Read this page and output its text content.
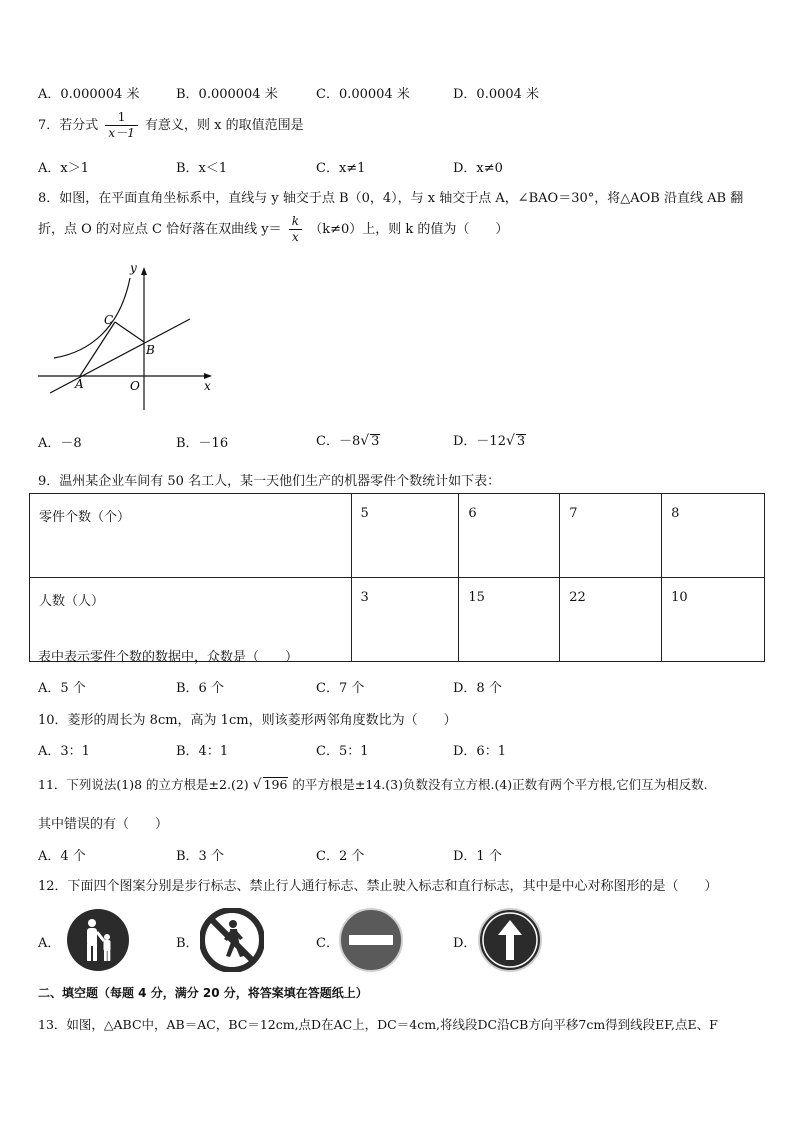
A．0.000004 米	B．0.000004 米	C．0.00004 米	D．0.0004 米
7．若分式 $\frac{1}{x-1}$ 有意义，则 x 的取值范围是
A．x＞1	B．x＜1	C．x≠1	D．x≠0
8．如图，在平面直角坐标系中，直线与 y 轴交于点 B（0，4），与 x 轴交于点 A，∠BAO＝30°，将△AOB 沿直线 AB 翻
折，点 O 的对应点 C 恰好落在双曲线 $y= \frac{k}{x} (k\ne 0)$上，则 k 的值为（　　）
y
x
C
B
A	O
A．－8	B．－16	C．－8√ 3	D．－12√ 3
9．温州某企业车间有 50 名工人，某一天他们生产的机器零件个数统计如下表：
零件个数（个）	5	6	7	8
人数（人）	3	15	22	10
表中表示零件个数的数据中，众数是（　　）
A．5 个	B．6 个	C．7 个	D．8 个
10．菱形的周长为 8cm，高为 1cm，则该菱形两邻角度数比为（　　）
A．3：1	B．4：1	C．5：1	D．6：1
11．下列说法(1)8 的立方根是±2.(2) √ 196 的平方根是±14.(3)负数没有立方根.(4)正数有两个平方根,它们互为相反数.
其中错误的有（　　）
A．4 个	B．3 个	C．2 个	D．1 个
12．下面四个图案分别是步行标志、禁止行人通行标志、禁止驶入标志和直行标志，其中是中心对称图形的是（　　）
A．	B．	C．	D．
二、填空题（每题 4 分，满分 20 分，将答案填在答题纸上）
13．如图，△ABC中，AB＝AC，BC＝12cm,点D在AC上，DC＝4cm,将线段DC沿CB方向平移7cm得到线段EF,点E、F
